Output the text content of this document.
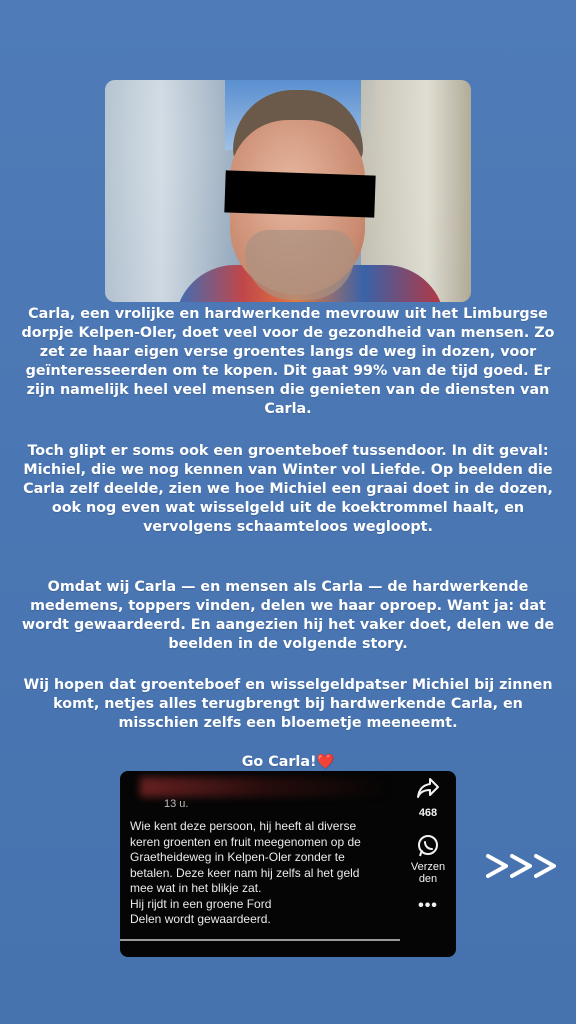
Carla, een vrolijke en hardwerkende mevrouw uit het Limburgse dorpje Kelpen-Oler, doet veel voor de gezondheid van mensen. Zo zet ze haar eigen verse groentes langs de weg in dozen, voor geïnteresseerden om te kopen. Dit gaat 99% van de tijd goed. Er zijn namelijk heel veel mensen die genieten van de diensten van Carla.
Toch glipt er soms ook een groenteboef tussendoor. In dit geval: Michiel, die we nog kennen van Winter vol Liefde. Op beelden die Carla zelf deelde, zien we hoe Michiel een graai doet in de dozen, ook nog even wat wisselgeld uit de koektrommel haalt, en vervolgens schaamteloos wegloopt.
Omdat wij Carla — en mensen als Carla — de hardwerkende medemens, toppers vinden, delen we haar oproep. Want ja: dat wordt gewaardeerd. En aangezien hij het vaker doet, delen we de beelden in de volgende story.
Wij hopen dat groenteboef en wisselgeldpatser Michiel bij zinnen komt, netjes alles terugbrengt bij hardwerkende Carla, en misschien zelfs een bloemetje meeneemt.
Go Carla!❤️
13 u.
Wie kent deze persoon, hij heeft al diverse
keren groenten en fruit meegenomen op de
Graetheideweg in Kelpen-Oler zonder te
betalen. Deze keer nam hij zelfs al het geld
mee wat in het blikje zat.
Hij rijdt in een groene Ford
Delen wordt gewaardeerd.
468
Verzen
den
•••
